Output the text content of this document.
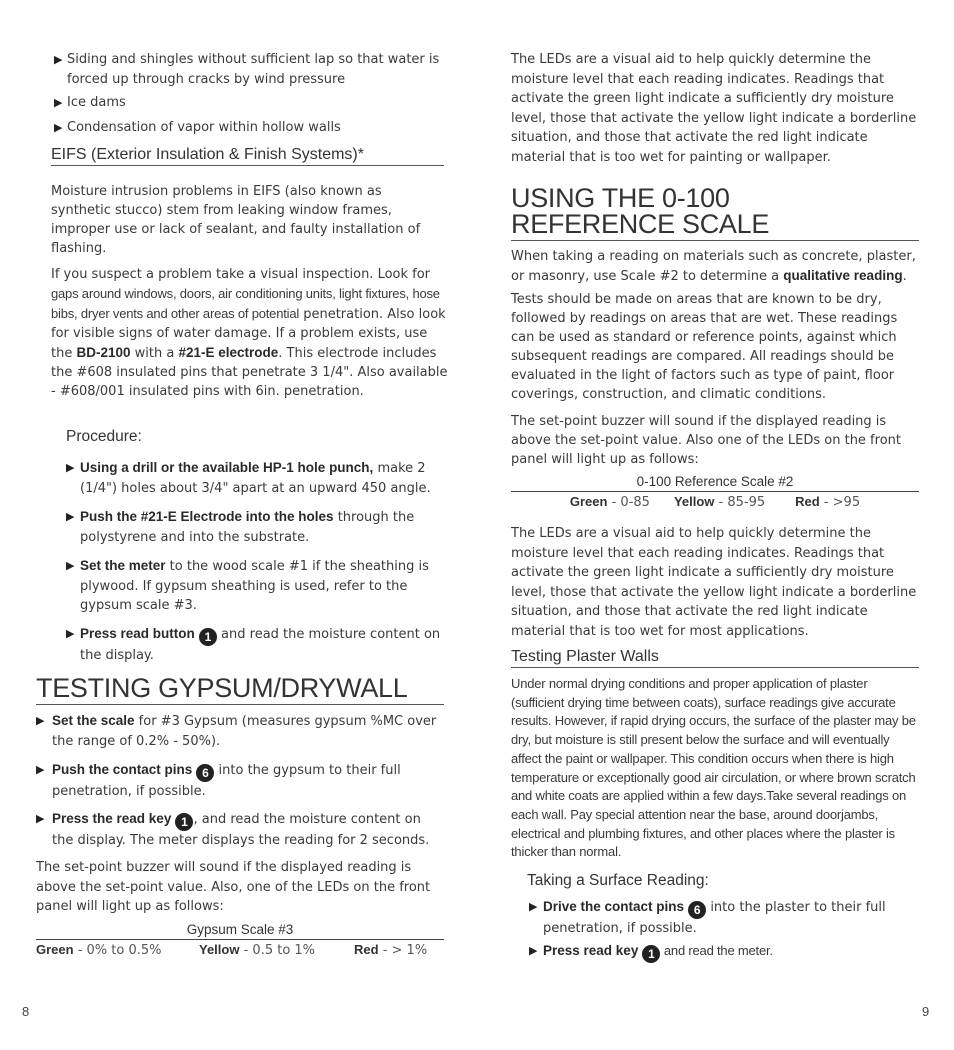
▶ Siding and shingles without sufficient lap so that water is forced up through cracks by wind pressure
▶ Ice dams
▶ Condensation of vapor within hollow walls
EIFS (Exterior Insulation & Finish Systems)*
Moisture intrusion problems in EIFS (also known as synthetic stucco) stem from leaking window frames, improper use or lack of sealant, and faulty installation of flashing.
If you suspect a problem take a visual inspection. Look for gaps around windows, doors, air conditioning units, light fixtures, hose bibs, dryer vents and other areas of potential penetration. Also look for visible signs of water damage. If a problem exists, use the BD-2100 with a #21-E electrode. This electrode includes the #608 insulated pins that penetrate 3 1/4". Also available - #608/001 insulated pins with 6in. penetration.
Procedure:
▶ Using a drill or the available HP-1 hole punch, make 2 (1/4") holes about 3/4" apart at an upward 450 angle.
▶ Push the #21-E Electrode into the holes through the polystyrene and into the substrate.
▶ Set the meter to the wood scale #1 if the sheathing is plywood. If gypsum sheathing is used, refer to the gypsum scale #3.
▶ Press read button 1 and read the moisture content on the display.
TESTING GYPSUM/DRYWALL
▶ Set the scale for #3 Gypsum (measures gypsum %MC over the range of 0.2% - 50%).
▶ Push the contact pins 6 into the gypsum to their full penetration, if possible.
▶ Press the read key 1 , and read the moisture content on the display. The meter displays the reading for 2 seconds.
The set-point buzzer will sound if the displayed reading is above the set-point value. Also, one of the LEDs on the front panel will light up as follows:
Gypsum Scale #3
Green - 0% to 0.5%	Yellow - 0.5 to 1%	Red - > 1%
8
The LEDs are a visual aid to help quickly determine the moisture level that each reading indicates. Readings that activate the green light indicate a sufficiently dry moisture level, those that activate the yellow light indicate a borderline situation, and those that activate the red light indicate material that is too wet for painting or wallpaper.
USING THE 0-100
REFERENCE SCALE
When taking a reading on materials such as concrete, plaster, or masonry, use Scale #2 to determine a qualitative reading.
Tests should be made on areas that are known to be dry, followed by readings on areas that are wet. These readings can be used as standard or reference points, against which subsequent readings are compared. All readings should be evaluated in the light of factors such as type of paint, floor coverings, construction, and climatic conditions.
The set-point buzzer will sound if the displayed reading is above the set-point value. Also one of the LEDs on the front panel will light up as follows:
0-100 Reference Scale #2
Green - 0-85 Yellow - 85-95 Red - >95
The LEDs are a visual aid to help quickly determine the moisture level that each reading indicates. Readings that activate the green light indicate a sufficiently dry moisture level, those that activate the yellow light indicate a borderline situation, and those that activate the red light indicate material that is too wet for most applications.
Testing Plaster Walls
Under normal drying conditions and proper application of plaster (sufficient drying time between coats), surface readings give accurate results. However, if rapid drying occurs, the surface of the plaster may be dry, but moisture is still present below the surface and will eventually affect the paint or wallpaper. This condition occurs when there is high temperature or exceptionally good air circulation, or where brown scratch and white coats are applied within a few days.Take several readings on each wall. Pay special attention near the base, around doorjambs, electrical and plumbing fixtures, and other places where the plaster is thicker than normal.
Taking a Surface Reading:
▶ Drive the contact pins 6 into the plaster to their full penetration, if possible.
▶ Press read key 1 and read the meter.
9
